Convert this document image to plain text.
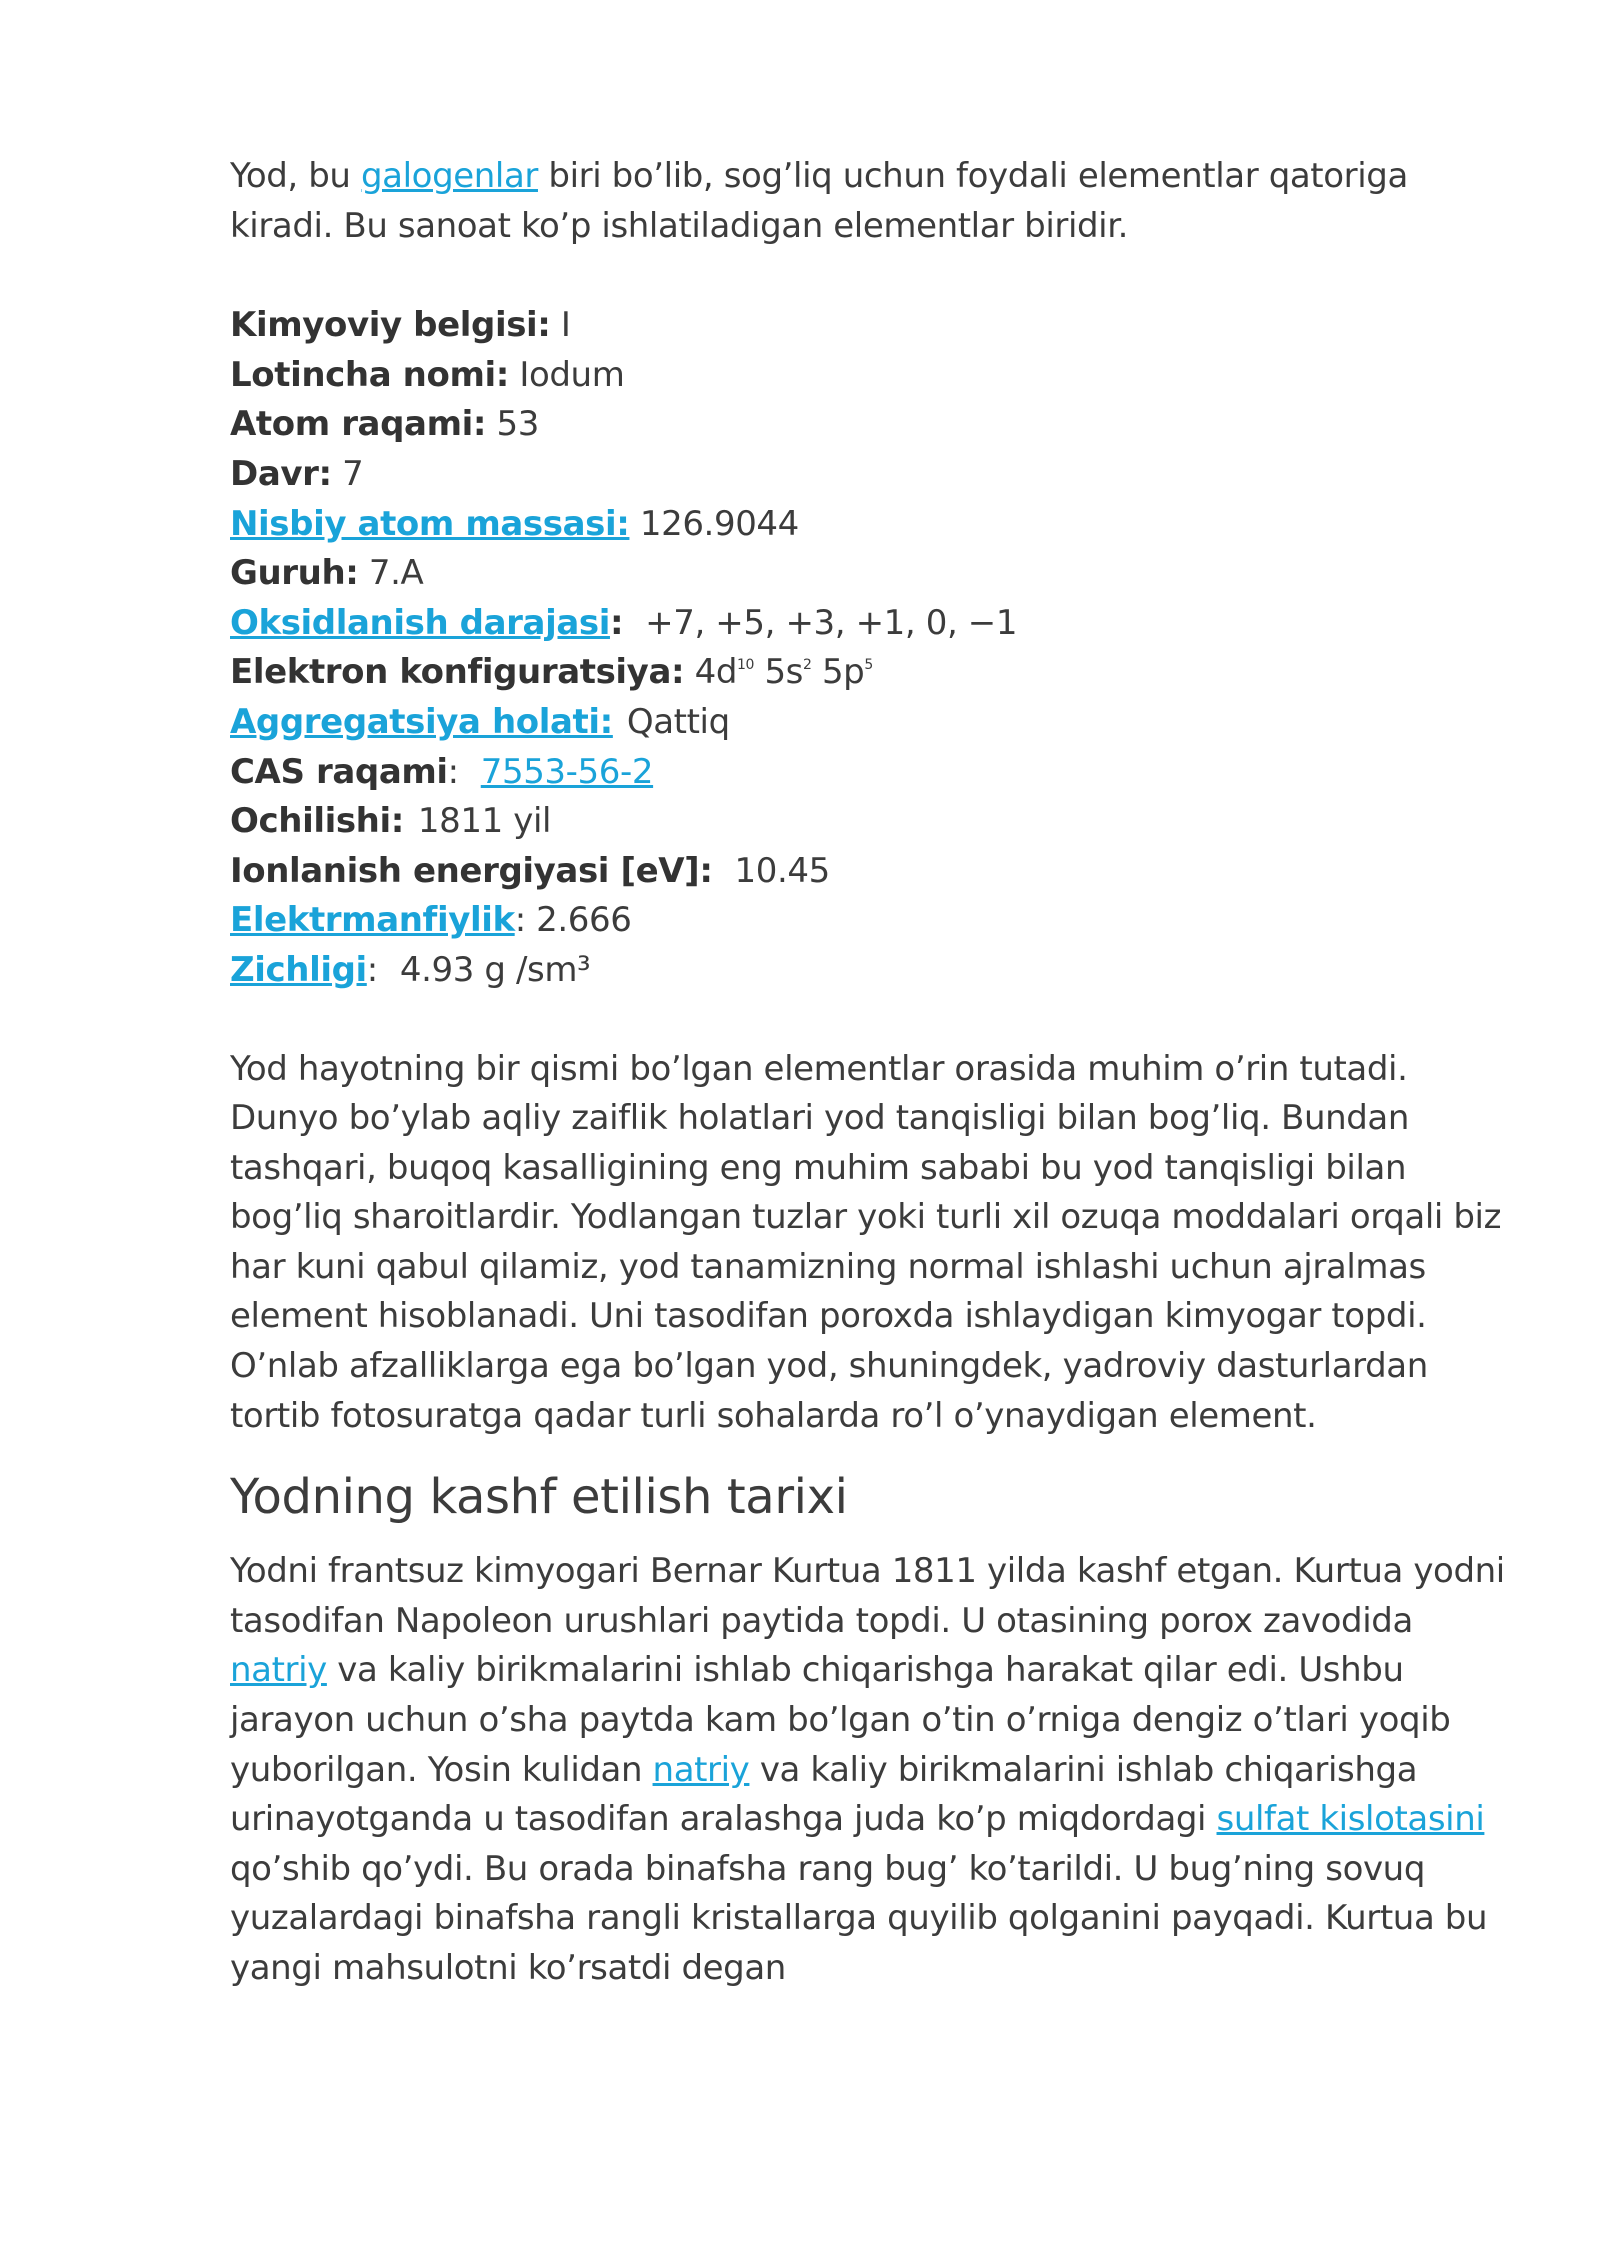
Yod, bu galogenlar biri bo’lib, sog’liq uchun foydali elementlar qatoriga kiradi. Bu sanoat ko’p ishlatiladigan elementlar biridir.

Kimyoviy belgisi: I
Lotincha nomi: Iodum
Atom raqami: 53
Davr: 7
Nisbiy atom massasi: 126.9044
Guruh: 7.A
Oksidlanish darajasi: +7, +5, +3, +1, 0, −1
Elektron konfiguratsiya: $4d^{10}$ $5s^2$ $5p^5$
Aggregatsiya holati: Qattiq
CAS raqami: 7553-56-2
Ochilishi: 1811 yil
Ionlanish energiyasi [eV]: 10.45
Elektrmanfiylik: 2.666
Zichligi: 4.93 g /sm³

Yod hayotning bir qismi bo’lgan elementlar orasida muhim o’rin tutadi. Dunyo bo’ylab aqliy zaiflik holatlari yod tanqisligi bilan bog’liq. Bundan tashqari, buqoq kasalligining eng muhim sababi bu yod tanqisligi bilan bog’liq sharoitlardir. Yodlangan tuzlar yoki turli xil ozuqa moddalari orqali biz har kuni qabul qilamiz, yod tanamizning normal ishlashi uchun ajralmas element hisoblanadi. Uni tasodifan poroxda ishlaydigan kimyogar topdi. O’nlab afzalliklarga ega bo’lgan yod, shuningdek, yadroviy dasturlardan tortib fotosuratga qadar turli sohalarda ro’l o’ynaydigan element.

Yodning kashf etilish tarixi

Yodni frantsuz kimyogari Bernar Kurtua 1811 yilda kashf etgan. Kurtua yodni tasodifan Napoleon urushlari paytida topdi. U otasining porox zavodida natriy va kaliy birikmalarini ishlab chiqarishga harakat qilar edi. Ushbu jarayon uchun o’sha paytda kam bo’lgan o’tin o’rniga dengiz o’tlari yoqib yuborilgan. Yosin kulidan natriy va kaliy birikmalarini ishlab chiqarishga urinayotganda u tasodifan aralashga juda ko’p miqdordagi sulfat kislotasini qo’shib qo’ydi. Bu orada binafsha rang bug’ ko’tarildi. U bug’ning sovuq yuzalardagi binafsha rangli kristallarga quyilib qolganini payqadi. Kurtua bu yangi mahsulotni ko’rsatdi degan
